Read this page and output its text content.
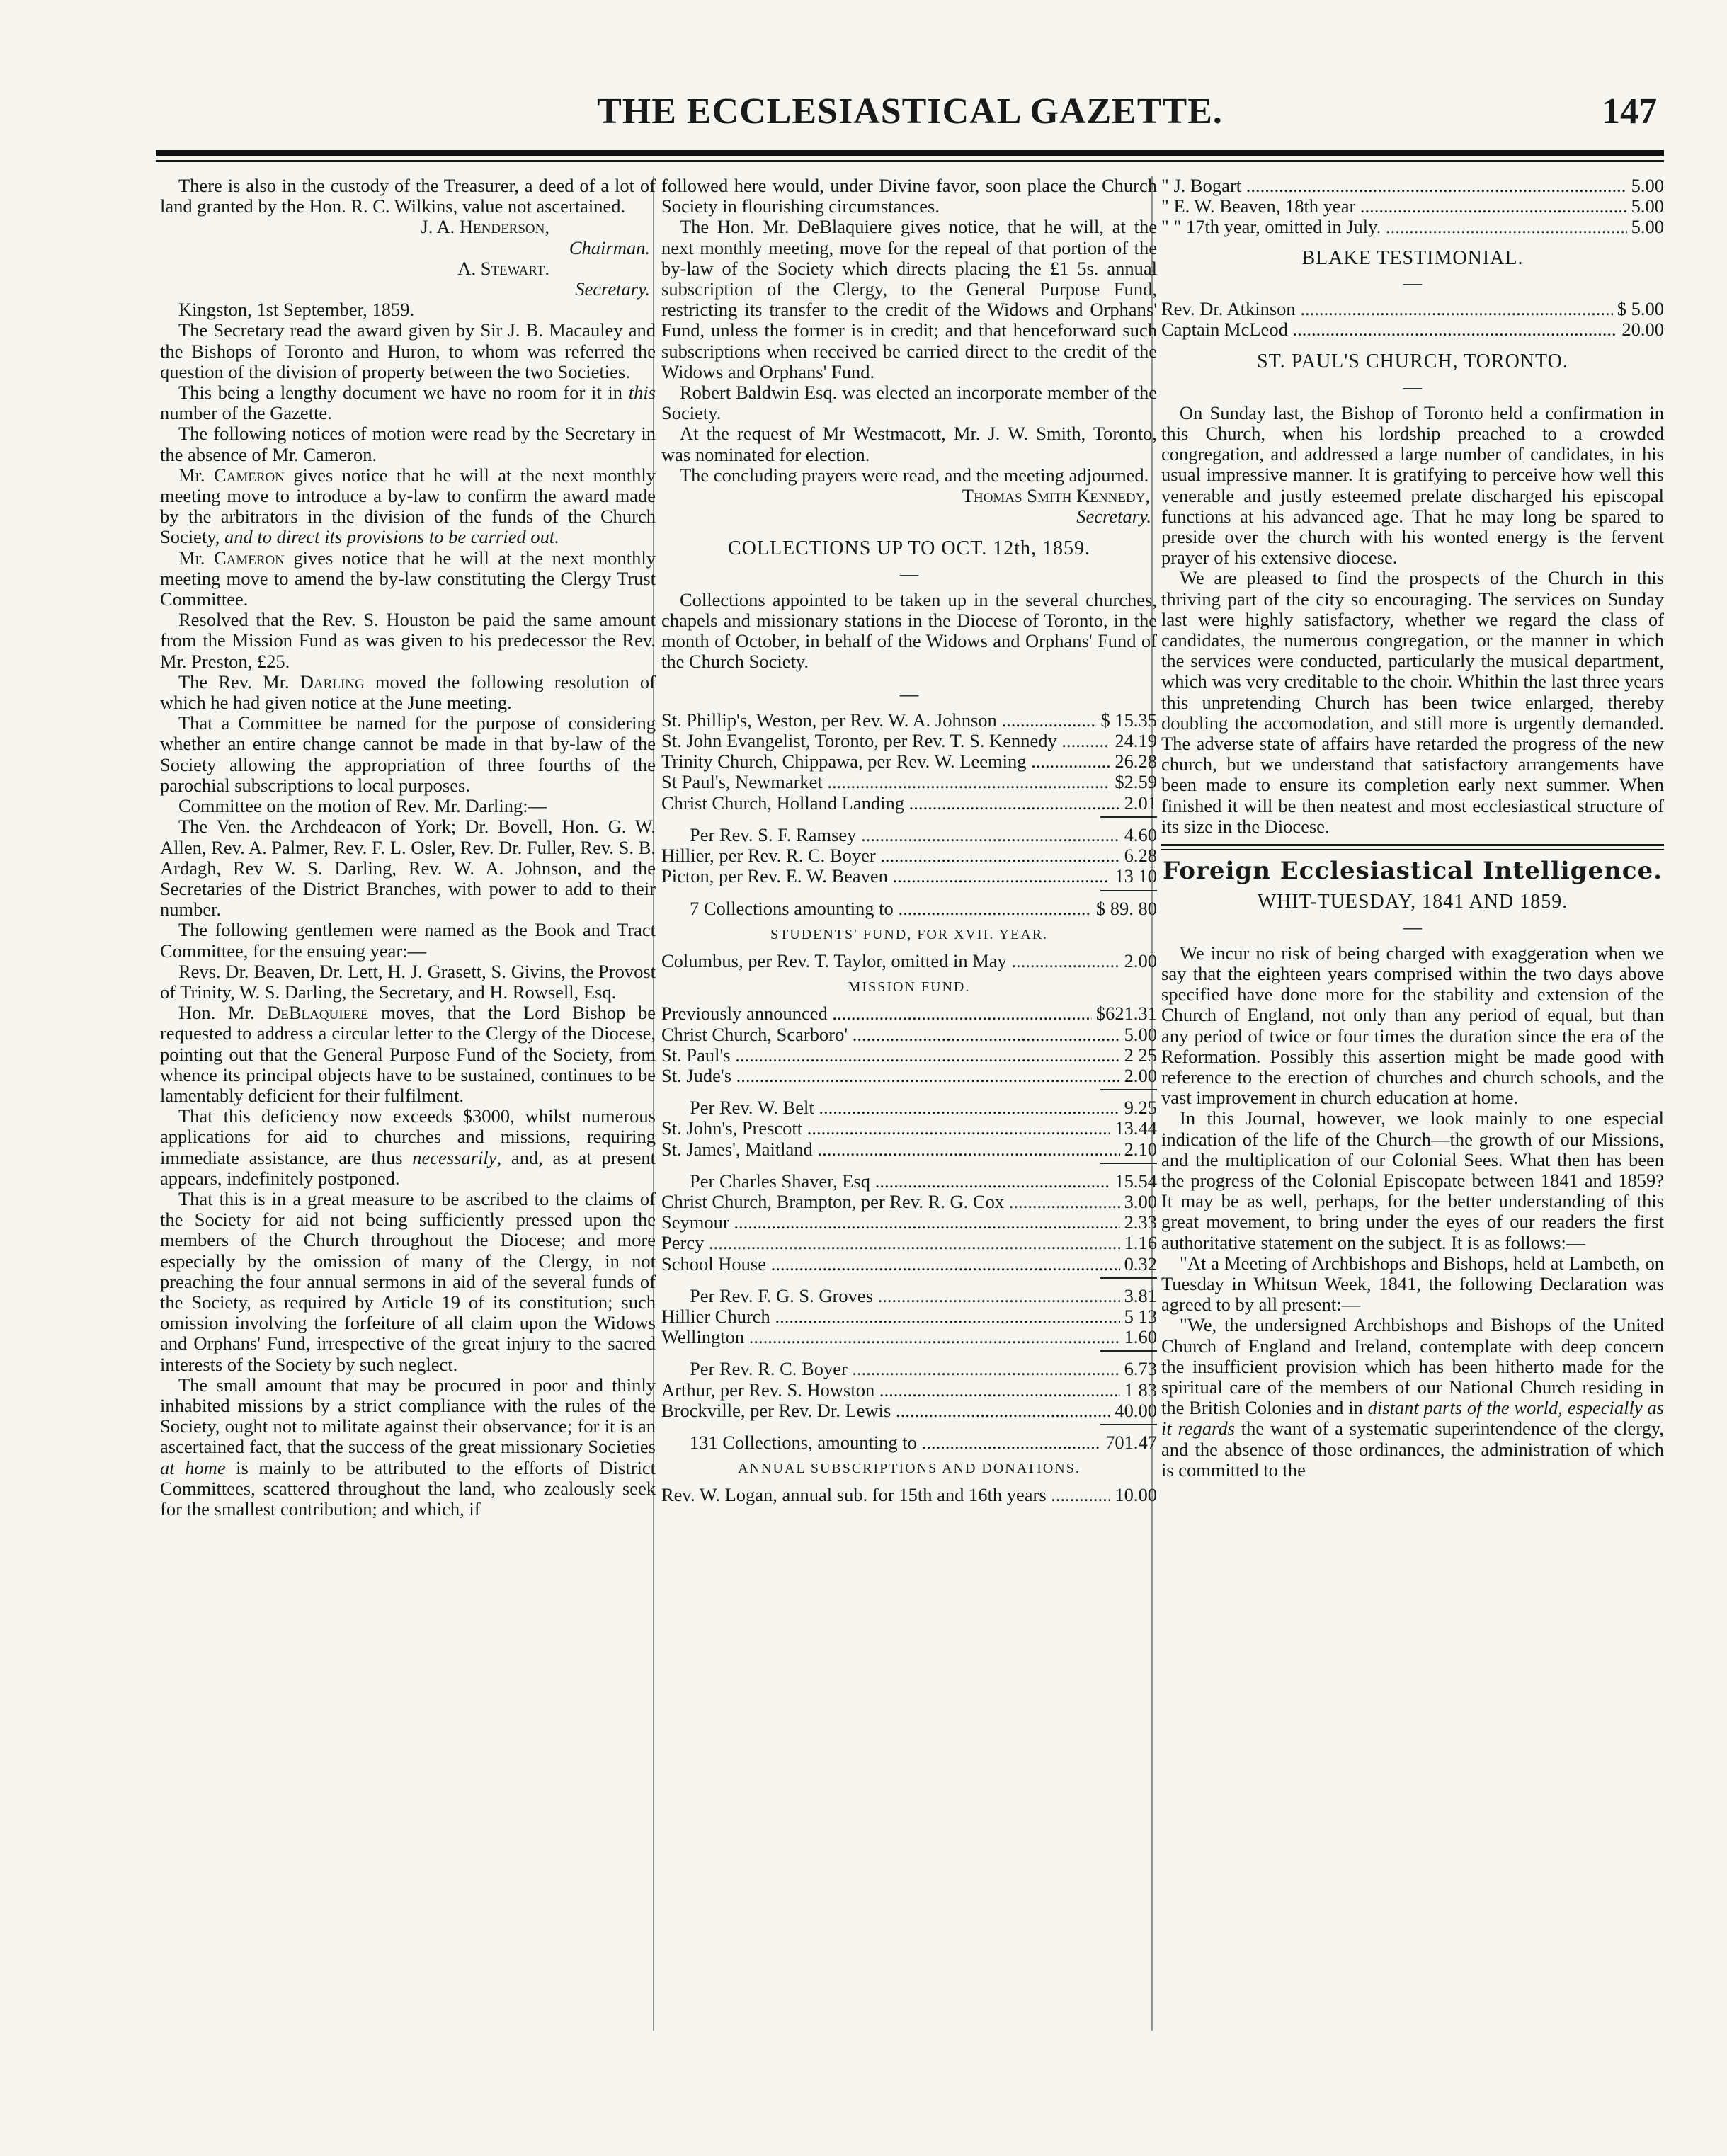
THE ECCLESIASTICAL GAZETTE.	147

There is also in the custody of the Treasurer, a deed of a lot of land granted by the Hon. R. C. Wilkins, value not ascertained.

J. A. Henderson,

Chairman.

A. Stewart.

Secretary.

Kingston, 1st September, 1859.

The Secretary read the award given by Sir J. B. Macauley and the Bishops of Toronto and Huron, to whom was referred the question of the division of property between the two Societies.

This being a lengthy document we have no room for it in this number of the Gazette.

The following notices of motion were read by the Secretary in the absence of Mr. Cameron.

Mr. Cameron gives notice that he will at the next monthly meeting move to introduce a by-law to confirm the award made by the arbitrators in the division of the funds of the Church Society, and to direct its provisions to be carried out.

Mr. Cameron gives notice that he will at the next monthly meeting move to amend the by-law constituting the Clergy Trust Committee.

Resolved that the Rev. S. Houston be paid the same amount from the Mission Fund as was given to his predecessor the Rev. Mr. Preston, £25.

The Rev. Mr. Darling moved the following resolution of which he had given notice at the June meeting.

That a Committee be named for the purpose of considering whether an entire change cannot be made in that by-law of the Society allowing the appropriation of three fourths of the parochial subscriptions to local purposes.

Committee on the motion of Rev. Mr. Darling:—

The Ven. the Archdeacon of York; Dr. Bovell, Hon. G. W. Allen, Rev. A. Palmer, Rev. F. L. Osler, Rev. Dr. Fuller, Rev. S. B. Ardagh, Rev W. S. Darling, Rev. W. A. Johnson, and the Secretaries of the District Branches, with power to add to their number.

The following gentlemen were named as the Book and Tract Committee, for the ensuing year:—

Revs. Dr. Beaven, Dr. Lett, H. J. Grasett, S. Givins, the Provost of Trinity, W. S. Darling, the Secretary, and H. Rowsell, Esq.

Hon. Mr. DeBlaquiere moves, that the Lord Bishop be requested to address a circular letter to the Clergy of the Diocese, pointing out that the General Purpose Fund of the Society, from whence its principal objects have to be sustained, continues to be lamentably deficient for their fulfilment.

That this deficiency now exceeds $3000, whilst numerous applications for aid to churches and missions, requiring immediate assistance, are thus necessarily, and, as at present appears, indefinitely postponed.

That this is in a great measure to be ascribed to the claims of the Society for aid not being sufficiently pressed upon the members of the Church throughout the Diocese; and more especially by the omission of many of the Clergy, in not preaching the four annual sermons in aid of the several funds of the Society, as required by Article 19 of its constitution; such omission involving the forfeiture of all claim upon the Widows and Orphans' Fund, irrespective of the great injury to the sacred interests of the Society by such neglect.

The small amount that may be procured in poor and thinly inhabited missions by a strict compliance with the rules of the Society, ought not to militate against their observance; for it is an ascertained fact, that the success of the great missionary Societies at home is mainly to be attributed to the efforts of District Committees, scattered throughout the land, who zealously seek for the smallest contribution; and which, if

followed here would, under Divine favor, soon place the Church Society in flourishing circumstances.

The Hon. Mr. DeBlaquiere gives notice, that he will, at the next monthly meeting, move for the repeal of that portion of the by-law of the Society which directs placing the £1 5s. annual subscription of the Clergy, to the General Purpose Fund, restricting its transfer to the credit of the Widows and Orphans' Fund, unless the former is in credit; and that henceforward such subscriptions when received be carried direct to the credit of the Widows and Orphans' Fund.

Robert Baldwin Esq. was elected an incorporate member of the Society.

At the request of Mr Westmacott, Mr. J. W. Smith, Toronto, was nominated for election.

The concluding prayers were read, and the meeting adjourned.

Thomas Smith Kennedy,

Secretary.

COLLECTIONS UP TO OCT. 12th, 1859.

—

Collections appointed to be taken up in the several churches, chapels and missionary stations in the Diocese of Toronto, in the month of October, in behalf of the Widows and Orphans' Fund of the Church Society.

—

St. Phillip's, Weston, per Rev. W. A. Johnson .....	$ 15.35
St. John Evangelist, Toronto, per Rev. T. S. Kennedy .....	24.19
Trinity Church, Chippawa, per Rev. W. Leeming .....	26.28
St Paul's, Newmarket .....	$2.59
Christ Church, Holland Landing .....	2.01
Per Rev. S. F. Ramsey .....	4.60
Hillier, per Rev. R. C. Boyer .....	6.28
Picton, per Rev. E. W. Beaven .....	13 10
7 Collections amounting to .....	$ 89. 80

STUDENTS' FUND, FOR XVII. YEAR.

Columbus, per Rev. T. Taylor, omitted in May .....	2.00

MISSION FUND.

Previously announced .....	$621.31
Christ Church, Scarboro' .....	5.00
St. Paul's .....	2 25
St. Jude's .....	2.00
Per Rev. W. Belt .....	9.25
St. John's, Prescott .....	13.44
St. James', Maitland .....	2.10
Per Charles Shaver, Esq .....	15.54
Christ Church, Brampton, per Rev. R. G. Cox .....	3.00
Seymour .....	2.33
Percy .....	1.16
School House .....	0.32
Per Rev. F. G. S. Groves .....	3.81
Hillier Church .....	5 13
Wellington .....	1.60
Per Rev. R. C. Boyer .....	6.73
Arthur, per Rev. S. Howston .....	1 83
Brockville, per Rev. Dr. Lewis .....	40.00
131 Collections, amounting to .....	701.47

ANNUAL SUBSCRIPTIONS AND DONATIONS.

Rev. W. Logan, annual sub. for 15th and 16th years .....	10.00
" J. Bogart .....	5.00
" E. W. Beaven, 18th year .....	5.00
" " 17th year, omitted in July. .....	5.00

BLAKE TESTIMONIAL.

—

Rev. Dr. Atkinson .....	$ 5.00
Captain McLeod .....	20.00

ST. PAUL'S CHURCH, TORONTO.

—

On Sunday last, the Bishop of Toronto held a confirmation in this Church, when his lordship preached to a crowded congregation, and addressed a large number of candidates, in his usual impressive manner. It is gratifying to perceive how well this venerable and justly esteemed prelate discharged his episcopal functions at his advanced age. That he may long be spared to preside over the church with his wonted energy is the fervent prayer of his extensive diocese.

We are pleased to find the prospects of the Church in this thriving part of the city so encouraging. The services on Sunday last were highly satisfactory, whether we regard the class of candidates, the numerous congregation, or the manner in which the services were conducted, particularly the musical department, which was very creditable to the choir. Whithin the last three years this unpretending Church has been twice enlarged, thereby doubling the accomodation, and still more is urgently demanded. The adverse state of affairs have retarded the progress of the new church, but we understand that satisfactory arrangements have been made to ensure its completion early next summer. When finished it will be then neatest and most ecclesiastical structure of its size in the Diocese.

Foreign Ecclesiastical Intelligence.

WHIT-TUESDAY, 1841 AND 1859.

—

We incur no risk of being charged with exaggeration when we say that the eighteen years comprised within the two days above specified have done more for the stability and extension of the Church of England, not only than any period of equal, but than any period of twice or four times the duration since the era of the Reformation. Possibly this assertion might be made good with reference to the erection of churches and church schools, and the vast improvement in church education at home.

In this Journal, however, we look mainly to one especial indication of the life of the Church—the growth of our Missions, and the multiplication of our Colonial Sees. What then has been the progress of the Colonial Episcopate between 1841 and 1859? It may be as well, perhaps, for the better understanding of this great movement, to bring under the eyes of our readers the first authoritative statement on the subject. It is as follows:—

"At a Meeting of Archbishops and Bishops, held at Lambeth, on Tuesday in Whitsun Week, 1841, the following Declaration was agreed to by all present:—

"We, the undersigned Archbishops and Bishops of the United Church of England and Ireland, contemplate with deep concern the insufficient provision which has been hitherto made for the spiritual care of the members of our National Church residing in the British Colonies and in distant parts of the world, especially as it regards the want of a systematic superintendence of the clergy, and the absence of those ordinances, the administration of which is committed to the
